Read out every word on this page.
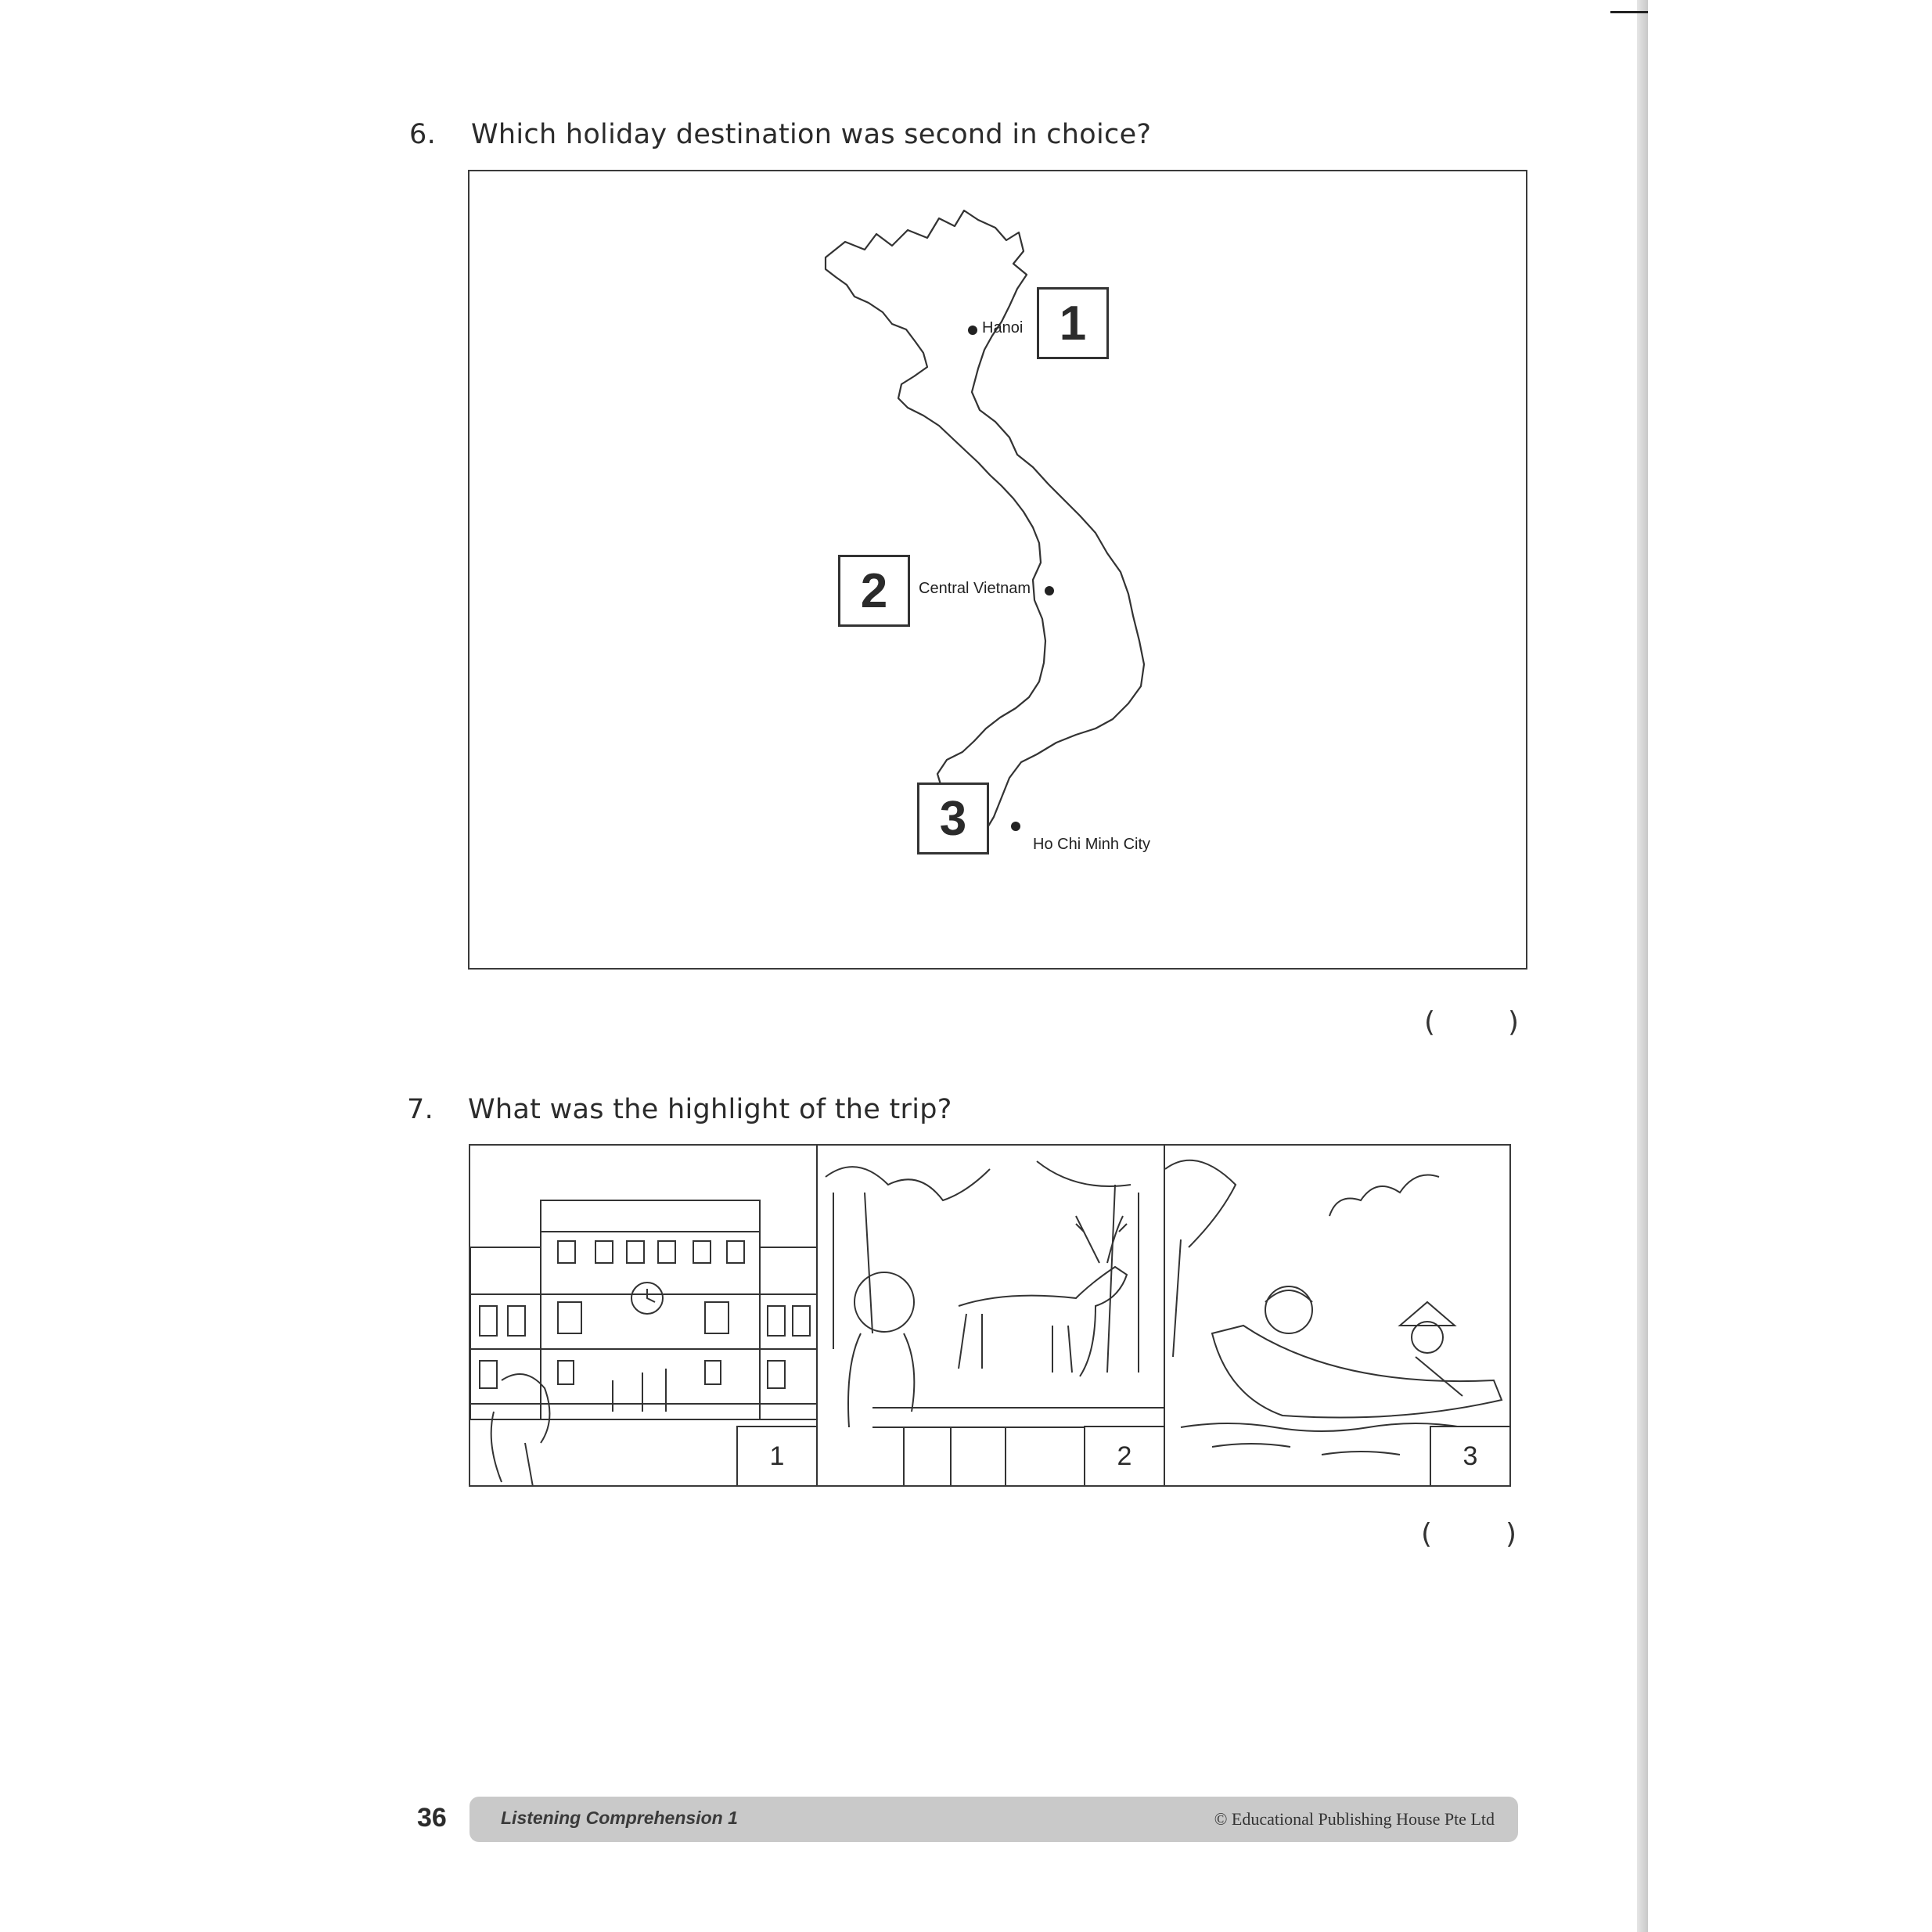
6. Which holiday destination was second in choice?
1
Hanoi
2	Central Vietnam
3	Ho Chi Minh City
(	)
7. What was the highlight of the trip?
1	2	3
(	)
36	Listening Comprehension 1	© Educational Publishing House Pte Ltd
